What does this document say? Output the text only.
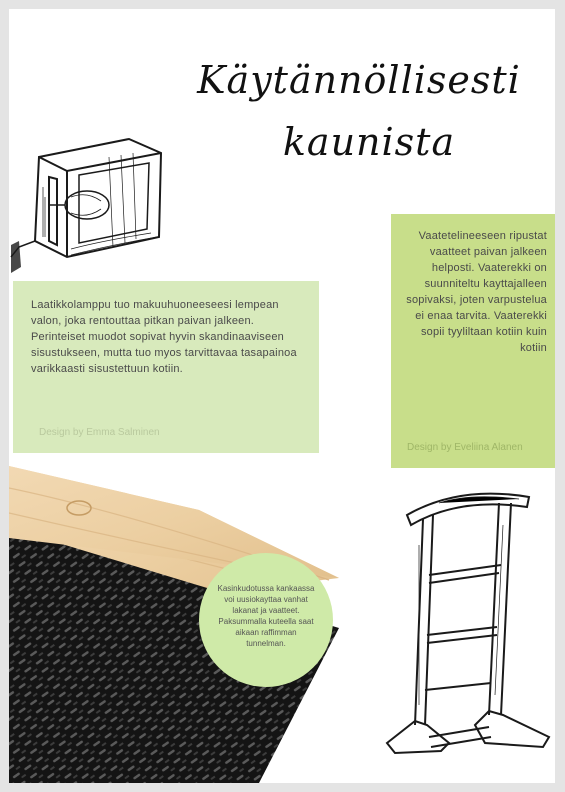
Käytännöllisesti
kaunista
Laatikkolamppu tuo makuuhuoneeseesi lempean valon, joka rentouttaa pitkan paivan jalkeen. Perinteiset muodot sopivat hyvin skandinaaviseen sisustukseen, mutta tuo myos tarvittavaa tasapainoa varikkaasti sisustettuun kotiin.
Design by Emma Salminen
Vaatetelineeseen ripustat vaatteet paivan jalkeen helposti. Vaaterekki on suunniteltu kayttajalleen sopivaksi, joten varpustelua ei enaa tarvita. Vaaterekki sopii tyyliltaan kotiin kuin kotiin
Design by Eveliina Alanen
Kasinkudotussa kankaassa voi uusiokayttaa vanhat lakanat ja vaatteet. Paksummalla kuteella saat aikaan raffimman tunnelman.
